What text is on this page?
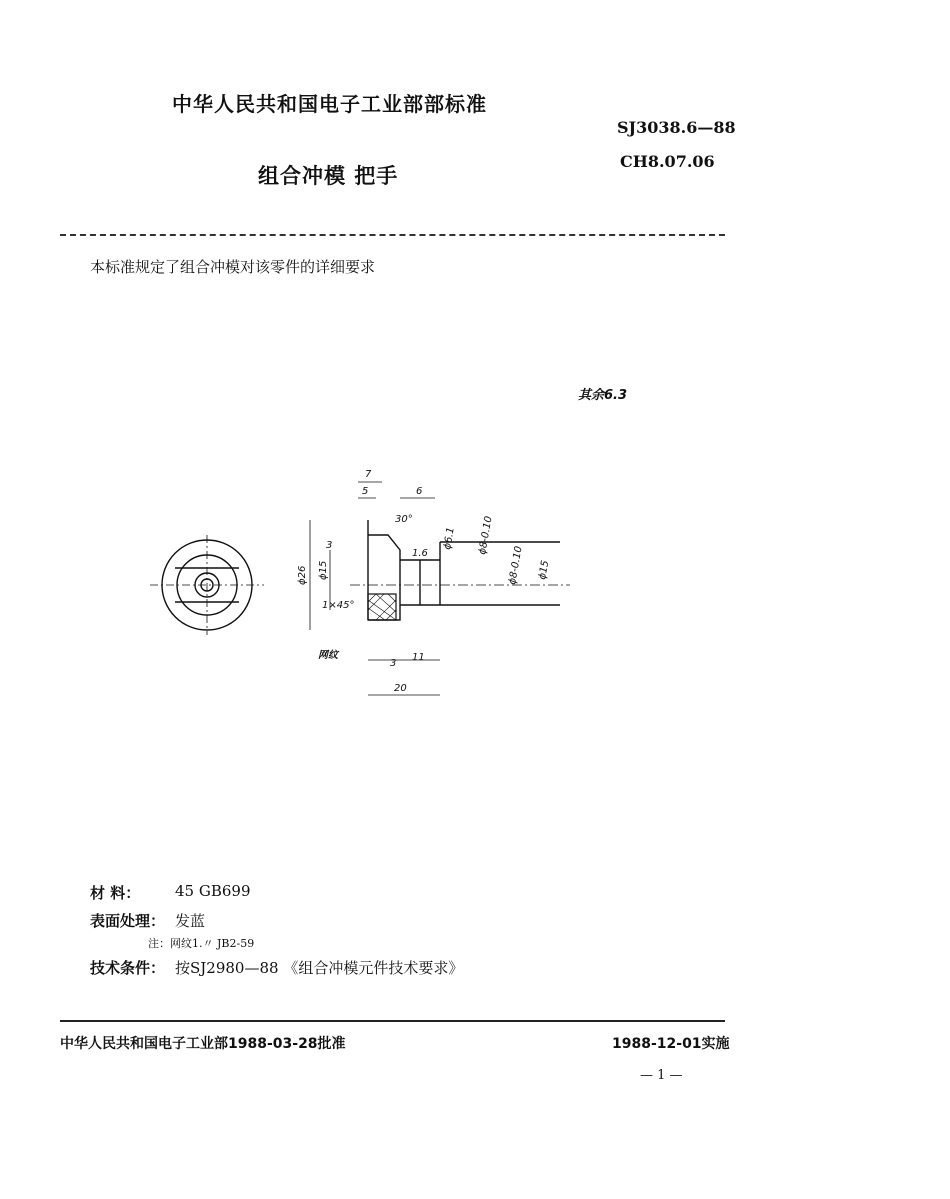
中华人民共和国电子工业部部标准
SJ3038.6—88
CH8.07.06
组合冲模 把手
本标准规定了组合冲模对该零件的详细要求
其余6.3
7
5	6
30°
3
1.6
ϕ6.1 ϕ8-0.10
ϕ26 ϕ15	ϕ8-0.10 ϕ15
1×45°
网纹
3
11
20
材 料： 45 GB699
表面处理： 发蓝
注：网纹1.〃 JB2-59
技术条件： 按SJ2980—88 《组合冲模元件技术要求》
中华人民共和国电子工业部1988-03-28批准	1988-12-01实施
— 1 —
